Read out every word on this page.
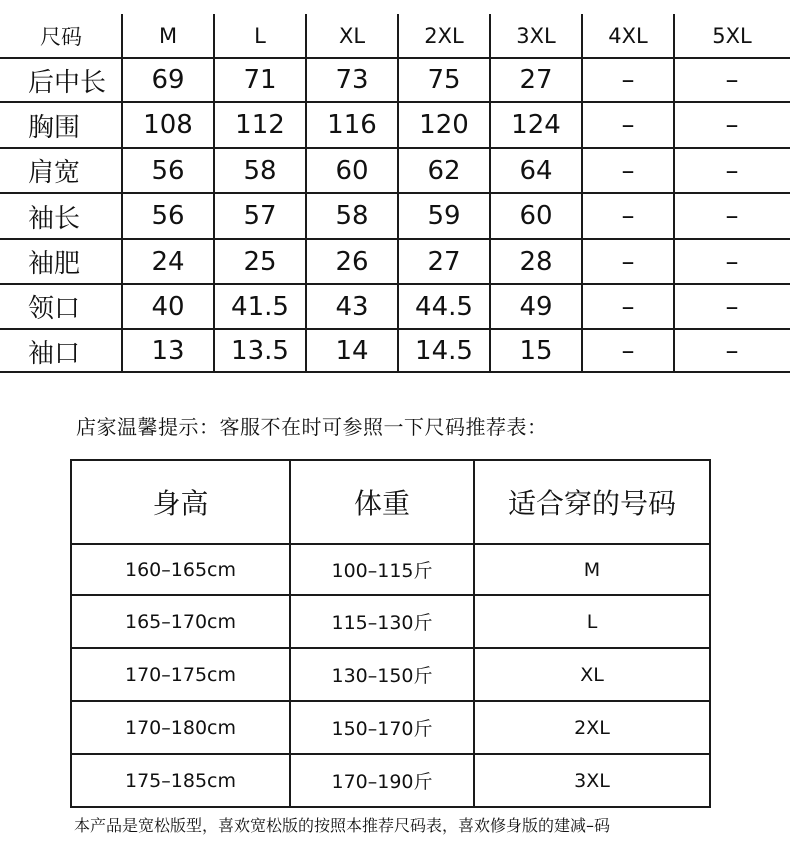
尺码	M	L	XL	2XL	3XL	4XL	5XL
后中长	69	71	73	75	27	–	–
胸围	108	112	116	120	124	–	–
肩宽	56	58	60	62	64	–	–
袖长	56	57	58	59	60	–	–
袖肥	24	25	26	27	28	–	–
领口	40	41.5	43	44.5	49	–	–
袖口	13	13.5	14	14.5	15	–	–
店家温馨提示：客服不在时可参照一下尺码推荐表：
身高	体重	适合穿的号码
160–165cm	100–115斤	M
165–170cm	115–130斤	L
170–175cm	130–150斤	XL
170–180cm	150–170斤	2XL
175–185cm	170–190斤	3XL
本产品是宽松版型，喜欢宽松版的按照本推荐尺码表，喜欢修身版的建减–码
